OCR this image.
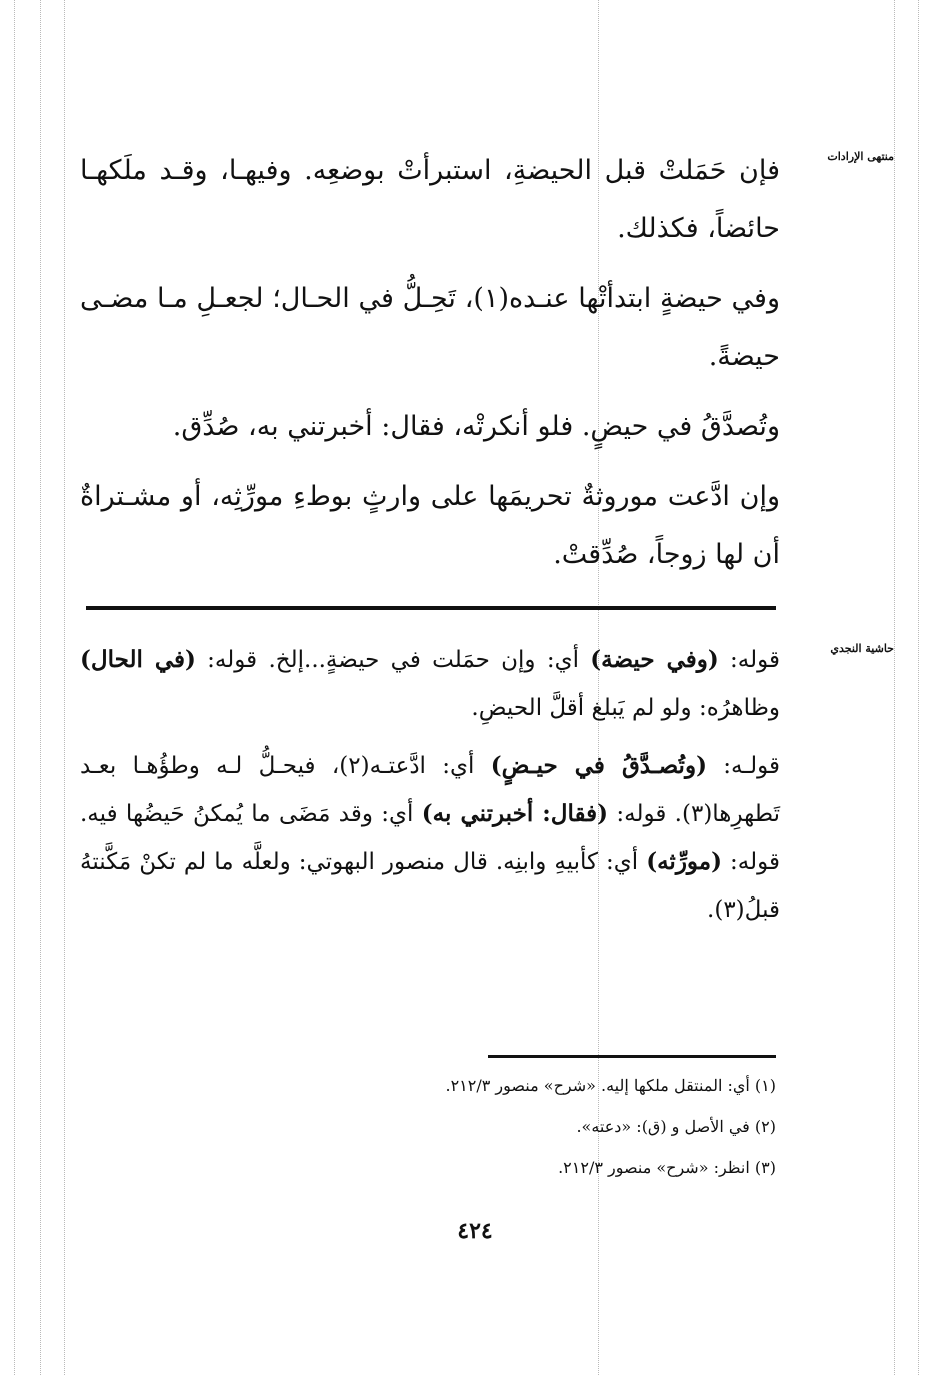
منتهى الإرادات
حاشية النجدي

فإن حَمَلتْ قبل الحيضةِ، استبرأتْ بوضعِه. وفيهـا، وقـد ملَكهـا حائضاً، فكذلك.

وفي حيضةٍ ابتدأتْها عنـده(١)، تَحِـلُّ في الحـال؛ لجعـلِ مـا مضـى حيضةً.

وتُصدَّقُ في حيضٍ. فلو أنكرتْه، فقال: أخبرتني به، صُدِّق.

وإن ادَّعت موروثةٌ تحريمَها على وارثٍ بوطءِ مورِّثِه، أو مشـتراةٌ أن لها زوجاً، صُدِّقتْ.

قوله: (وفي حيضة) أي: وإن حمَلت في حيضةٍ...إلخ. قوله: (في الحال) وظاهرُه: ولو لم يَبلغ أقلَّ الحيضِ.

قولـه: (وتُصـدَّقُ في حيـضٍ) أي: ادَّعتـه(٢)، فيحـلُّ لـه وطؤُهـا بعـد تَطهرِها(٣). قوله: (فقال: أخبرتني به) أي: وقد مَضَى ما يُمكنُ حَيضُها فيه. قوله: (مورِّثه) أي: كأبيهِ وابنِه. قال منصور البهوتي: ولعلَّه ما لم تكنْ مَكَّنتهُ قبلُ(٣).

(١) أي: المنتقل ملكها إليه. «شرح» منصور ٢١٢/٣.

(٢) في الأصل و (ق): «دعته».

(٣) انظر: «شرح» منصور ٢١٢/٣.

٤٢٤
